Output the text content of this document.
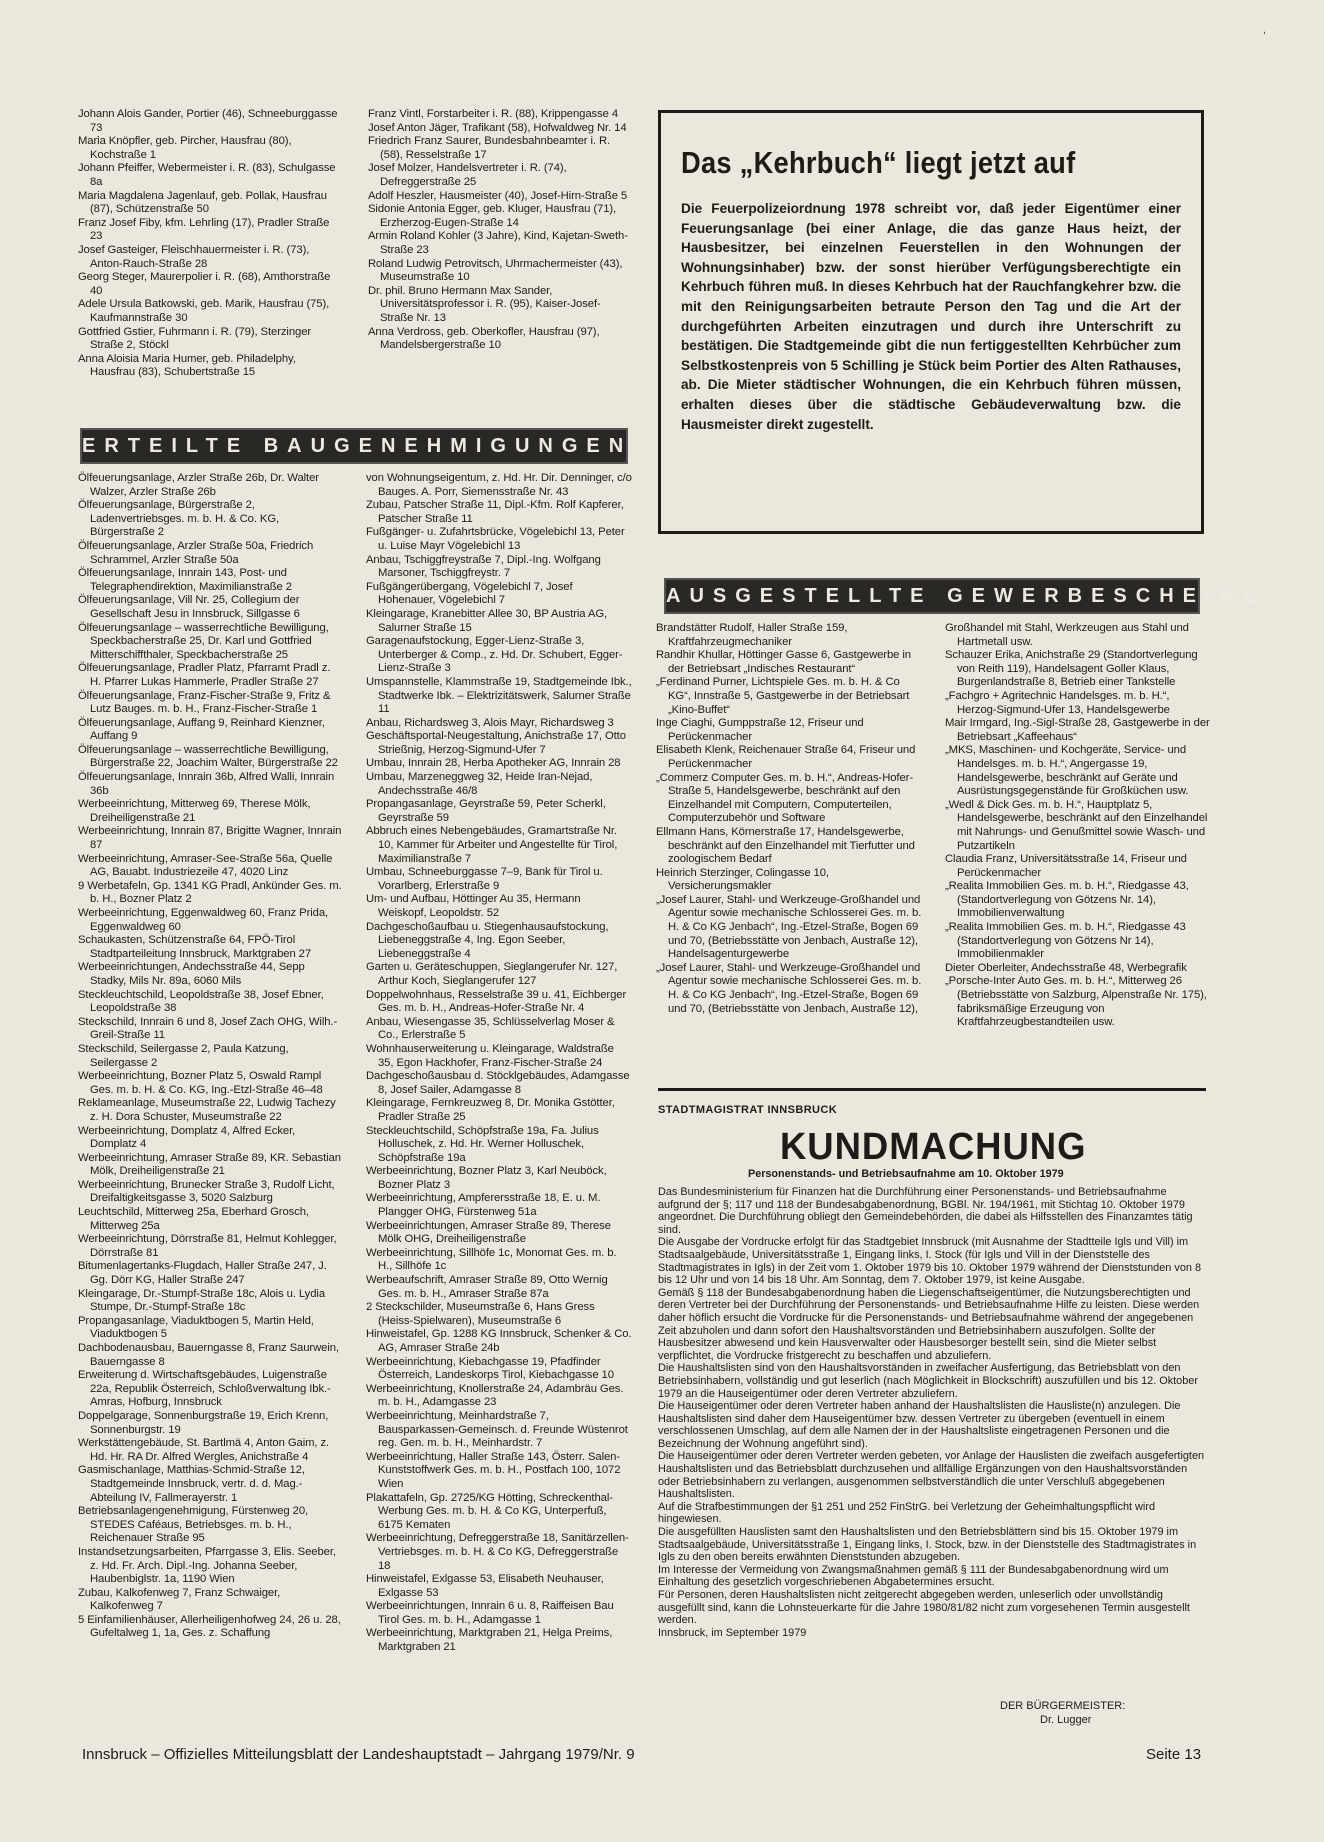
Johann Alois Gander, Portier (46), Schneeburggasse 73
Maria Knöpfler, geb. Pircher, Hausfrau (80), Kochstraße 1
Johann Pfeiffer, Webermeister i. R. (83), Schulgasse 8a
Maria Magdalena Jagenlauf, geb. Pollak, Hausfrau (87), Schützenstraße 50
Franz Josef Fiby, kfm. Lehrling (17), Pradler Straße 23
Josef Gasteiger, Fleischhauermeister i. R. (73), Anton-Rauch-Straße 28
Georg Steger, Maurerpolier i. R. (68), Amthorstraße 40
Adele Ursula Batkowski, geb. Marik, Hausfrau (75), Kaufmannstraße 30
Gottfried Gstier, Fuhrmann i. R. (79), Sterzinger Straße 2, Stöckl
Anna Aloisia Maria Humer, geb. Philadelphy, Hausfrau (83), Schubertstraße 15
Franz Vintl, Forstarbeiter i. R. (88), Krippengasse 4
Josef Anton Jäger, Trafikant (58), Hofwaldweg Nr. 14
Friedrich Franz Saurer, Bundesbahnbeamter i. R. (58), Resselstraße 17
Josef Molzer, Handelsvertreter i. R. (74), Defreggerstraße 25
Adolf Heszler, Hausmeister (40), Josef-Hirn-Straße 5
Sidonie Antonia Egger, geb. Kluger, Hausfrau (71), Erzherzog-Eugen-Straße 14
Armin Roland Kohler (3 Jahre), Kind, Kajetan-Sweth-Straße 23
Roland Ludwig Petrovitsch, Uhrmachermeister (43), Museumstraße 10
Dr. phil. Bruno Hermann Max Sander, Universitätsprofessor i. R. (95), Kaiser-Josef-Straße Nr. 13
Anna Verdross, geb. Oberkofler, Hausfrau (97), Mandelsbergerstraße 10
ERTEILTE BAUGENEHMIGUNGEN
Ölfeuerungsanlage, Arzler Straße 26b, Dr. Walter Walzer, Arzler Straße 26b
Ölfeuerungsanlage, Bürgerstraße 2, Ladenvertriebsges. m. b. H. & Co. KG, Bürgerstraße 2
Ölfeuerungsanlage, Arzler Straße 50a, Friedrich Schrammel, Arzler Straße 50a
Ölfeuerungsanlage, Innrain 143, Post- und Telegraphendirektion, Maximilianstraße 2
Ölfeuerungsanlage, Vill Nr. 25, Collegium der Gesellschaft Jesu in Innsbruck, Sillgasse 6
Ölfeuerungsanlage – wasserrechtliche Bewilligung, Speckbacherstraße 25, Dr. Karl und Gottfried Mitterschiffthaler, Speckbacherstraße 25
Ölfeuerungsanlage, Pradler Platz, Pfarramt Pradl z. H. Pfarrer Lukas Hammerle, Pradler Straße 27
Ölfeuerungsanlage, Franz-Fischer-Straße 9, Fritz & Lutz Bauges. m. b. H., Franz-Fischer-Straße 1
Ölfeuerungsanlage, Auffang 9, Reinhard Kienzner, Auffang 9
Ölfeuerungsanlage – wasserrechtliche Bewilligung, Bürgerstraße 22, Joachim Walter, Bürgerstraße 22
Ölfeuerungsanlage, Innrain 36b, Alfred Walli, Innrain 36b
Werbeeinrichtung, Mitterweg 69, Therese Mölk, Dreiheiligenstraße 21
Werbeeinrichtung, Innrain 87, Brigitte Wagner, Innrain 87
Werbeeinrichtung, Amraser-See-Straße 56a, Quelle AG, Bauabt. Industriezeile 47, 4020 Linz
9 Werbetafeln, Gp. 1341 KG Pradl, Ankünder Ges. m. b. H., Bozner Platz 2
Werbeeinrichtung, Eggenwaldweg 60, Franz Prida, Eggenwaldweg 60
Schaukasten, Schützenstraße 64, FPÖ-Tirol Stadtparteileitung Innsbruck, Marktgraben 27
Werbeeinrichtungen, Andechsstraße 44, Sepp Stadky, Mils Nr. 89a, 6060 Mils
Steckleuchtschild, Leopoldstraße 38, Josef Ebner, Leopoldstraße 38
Steckschild, Innrain 6 und 8, Josef Zach OHG, Wilh.-Greil-Straße 11
Steckschild, Seilergasse 2, Paula Katzung, Seilergasse 2
Werbeeinrichtung, Bozner Platz 5, Oswald Rampl Ges. m. b. H. & Co. KG, Ing.-Etzl-Straße 46–48
Reklameanlage, Museumstraße 22, Ludwig Tachezy z. H. Dora Schuster, Museumstraße 22
Werbeeinrichtung, Domplatz 4, Alfred Ecker, Domplatz 4
Werbeeinrichtung, Amraser Straße 89, KR. Sebastian Mölk, Dreiheiligenstraße 21
Werbeeinrichtung, Brunecker Straße 3, Rudolf Licht, Dreifaltigkeitsgasse 3, 5020 Salzburg
Leuchtschild, Mitterweg 25a, Eberhard Grosch, Mitterweg 25a
Werbeeinrichtung, Dörrstraße 81, Helmut Kohlegger, Dörrstraße 81
Bitumenlagertanks-Flugdach, Haller Straße 247, J. Gg. Dörr KG, Haller Straße 247
Kleingarage, Dr.-Stumpf-Straße 18c, Alois u. Lydia Stumpe, Dr.-Stumpf-Straße 18c
Propangasanlage, Viaduktbogen 5, Martin Held, Viaduktbogen 5
Dachbodenausbau, Bauerngasse 8, Franz Saurwein, Bauerngasse 8
Erweiterung d. Wirtschaftsgebäudes, Luigenstraße 22a, Republik Österreich, Schloßverwaltung Ibk.-Amras, Hofburg, Innsbruck
Doppelgarage, Sonnenburgstraße 19, Erich Krenn, Sonnenburgstr. 19
Werkstättengebäude, St. Bartlmä 4, Anton Gaim, z. Hd. Hr. RA Dr. Alfred Wergles, Anichstraße 4
Gasmischanlage, Matthias-Schmid-Straße 12, Stadtgemeinde Innsbruck, vertr. d. d. Mag.-Abteilung IV, Fallmerayerstr. 1
Betriebsanlagengenehmigung, Fürstenweg 20, STEDES Caféaus, Betriebsges. m. b. H., Reichenauer Straße 95
Instandsetzungsarbeiten, Pfarrgasse 3, Elis. Seeber, z. Hd. Fr. Arch. Dipl.-Ing. Johanna Seeber, Haubenbiglstr. 1a, 1190 Wien
Zubau, Kalkofenweg 7, Franz Schwaiger, Kalkofenweg 7
5 Einfamilienhäuser, Allerheiligenhofweg 24, 26 u. 28, Gufeltalweg 1, 1a, Ges. z. Schaffung
von Wohnungseigentum, z. Hd. Hr. Dir. Denninger, c/o Bauges. A. Porr, Siemensstraße Nr. 43
Zubau, Patscher Straße 11, Dipl.-Kfm. Rolf Kapferer, Patscher Straße 11
Fußgänger- u. Zufahrtsbrücke, Vögelebichl 13, Peter u. Luise Mayr Vögelebichl 13
Anbau, Tschiggfreystraße 7, Dipl.-Ing. Wolfgang Marsoner, Tschiggfreystr. 7
Fußgängerübergang, Vögelebichl 7, Josef Hohenauer, Vögelebichl 7
Kleingarage, Kranebitter Allee 30, BP Austria AG, Salurner Straße 15
Garagenaufstockung, Egger-Lienz-Straße 3, Unterberger & Comp., z. Hd. Dr. Schubert, Egger-Lienz-Straße 3
Umspannstelle, Klammstraße 19, Stadtgemeinde Ibk., Stadtwerke Ibk. – Elektrizitätswerk, Salurner Straße 11
Anbau, Richardsweg 3, Alois Mayr, Richardsweg 3
Geschäftsportal-Neugestaltung, Anichstraße 17, Otto Strießnig, Herzog-Sigmund-Ufer 7
Umbau, Innrain 28, Herba Apotheker AG, Innrain 28
Umbau, Marzeneggweg 32, Heide Iran-Nejad, Andechsstraße 46/8
Propangasanlage, Geyrstraße 59, Peter Scherkl, Geyrstraße 59
Abbruch eines Nebengebäudes, Gramartstraße Nr. 10, Kammer für Arbeiter und Angestellte für Tirol, Maximilianstraße 7
Umbau, Schneeburggasse 7–9, Bank für Tirol u. Vorarlberg, Erlerstraße 9
Um- und Aufbau, Höttinger Au 35, Hermann Weiskopf, Leopoldstr. 52
Dachgeschoßaufbau u. Stiegenhausaufstockung, Liebeneggstraße 4, Ing. Egon Seeber, Liebeneggstraße 4
Garten u. Geräteschuppen, Sieglangerufer Nr. 127, Arthur Koch, Sieglangerufer 127
Doppelwohnhaus, Resselstraße 39 u. 41, Eichberger Ges. m. b. H., Andreas-Hofer-Straße Nr. 4
Anbau, Wiesengasse 35, Schlüsselverlag Moser & Co., Erlerstraße 5
Wohnhauserweiterung u. Kleingarage, Waldstraße 35, Egon Hackhofer, Franz-Fischer-Straße 24
Dachgeschoßausbau d. Stöcklgebäudes, Adamgasse 8, Josef Sailer, Adamgasse 8
Kleingarage, Fernkreuzweg 8, Dr. Monika Gstötter, Pradler Straße 25
Steckleuchtschild, Schöpfstraße 19a, Fa. Julius Holluschek, z. Hd. Hr. Werner Holluschek, Schöpfstraße 19a
Werbeeinrichtung, Bozner Platz 3, Karl Neuböck, Bozner Platz 3
Werbeeinrichtung, Ampferersstraße 18, E. u. M. Plangger OHG, Fürstenweg 51a
Werbeeinrichtungen, Amraser Straße 89, Therese Mölk OHG, Dreiheiligenstraße
Werbeeinrichtung, Sillhöfe 1c, Monomat Ges. m. b. H., Sillhöfe 1c
Werbeaufschrift, Amraser Straße 89, Otto Wernig Ges. m. b. H., Amraser Straße 87a
2 Steckschilder, Museumstraße 6, Hans Gress (Heiss-Spielwaren), Museumstraße 6
Hinweistafel, Gp. 1288 KG Innsbruck, Schenker & Co. AG, Amraser Straße 24b
Werbeeinrichtung, Kiebachgasse 19, Pfadfinder Österreich, Landeskorps Tirol, Kiebachgasse 10
Werbeeinrichtung, Knollerstraße 24, Adambräu Ges. m. b. H., Adamgasse 23
Werbeeinrichtung, Meinhardstraße 7, Bausparkassen-Gemeinsch. d. Freunde Wüstenrot reg. Gen. m. b. H., Meinhardstr. 7
Werbeeinrichtung, Haller Straße 143, Österr. Salen-Kunststoffwerk Ges. m. b. H., Postfach 100, 1072 Wien
Plakattafeln, Gp. 2725/KG Hötting, Schreckenthal-Werbung Ges. m. b. H. & Co KG, Unterperfuß, 6175 Kematen
Werbeeinrichtung, Defreggerstraße 18, Sanitärzellen-Vertriebsges. m. b. H. & Co KG, Defreggerstraße 18
Hinweistafel, Exlgasse 53, Elisabeth Neuhauser, Exlgasse 53
Werbeeinrichtungen, Innrain 6 u. 8, Raiffeisen Bau Tirol Ges. m. b. H., Adamgasse 1
Werbeeinrichtung, Marktgraben 21, Helga Preims, Marktgraben 21
Das „Kehrbuch“ liegt jetzt auf
Die Feuerpolizeiordnung 1978 schreibt vor, daß jeder Eigentümer einer Feuerungsanlage (bei einer Anlage, die das ganze Haus heizt, der Hausbesitzer, bei einzelnen Feuerstellen in den Wohnungen der Wohnungsinhaber) bzw. der sonst hierüber Verfügungsberechtigte ein Kehrbuch führen muß. In dieses Kehrbuch hat der Rauchfangkehrer bzw. die mit den Reinigungsarbeiten betraute Person den Tag und die Art der durchgeführten Arbeiten einzutragen und durch ihre Unterschrift zu bestätigen. Die Stadtgemeinde gibt die nun fertiggestellten Kehrbücher zum Selbstkostenpreis von 5 Schilling je Stück beim Portier des Alten Rathauses, ab. Die Mieter städtischer Wohnungen, die ein Kehrbuch führen müssen, erhalten dieses über die städtische Gebäudeverwaltung bzw. die Hausmeister direkt zugestellt.
AUSGESTELLTE GEWERBESCHEINE
Brandstätter Rudolf, Haller Straße 159, Kraftfahrzeugmechaniker
Randhir Khullar, Höttinger Gasse 6, Gastgewerbe in der Betriebsart „Indisches Restaurant“
„Ferdinand Purner, Lichtspiele Ges. m. b. H. & Co KG“, Innstraße 5, Gastgewerbe in der Betriebsart „Kino-Buffet“
Inge Ciaghi, Gumppstraße 12, Friseur und Perückenmacher
Elisabeth Klenk, Reichenauer Straße 64, Friseur und Perückenmacher
„Commerz Computer Ges. m. b. H.“, Andreas-Hofer-Straße 5, Handelsgewerbe, beschränkt auf den Einzelhandel mit Computern, Computerteilen, Computerzubehör und Software
Ellmann Hans, Körnerstraße 17, Handelsgewerbe, beschränkt auf den Einzelhandel mit Tierfutter und zoologischem Bedarf
Heinrich Sterzinger, Colingasse 10, Versicherungsmakler
„Josef Laurer, Stahl- und Werkzeuge-Großhandel und Agentur sowie mechanische Schlosserei Ges. m. b. H. & Co KG Jenbach“, Ing.-Etzel-Straße, Bogen 69 und 70, (Betriebsstätte von Jenbach, Austraße 12), Handelsagenturgewerbe
„Josef Laurer, Stahl- und Werkzeuge-Großhandel und Agentur sowie mechanische Schlosserei Ges. m. b. H. & Co KG Jenbach“, Ing.-Etzel-Straße, Bogen 69 und 70, (Betriebsstätte von Jenbach, Austraße 12),
Großhandel mit Stahl, Werkzeugen aus Stahl und Hartmetall usw.
Schauzer Erika, Anichstraße 29 (Standortverlegung von Reith 119), Handelsagent Goller Klaus, Burgenlandstraße 8, Betrieb einer Tankstelle
„Fachgro + Agritechnic Handelsges. m. b. H.“, Herzog-Sigmund-Ufer 13, Handelsgewerbe
Mair Irmgard, Ing.-Sigl-Straße 28, Gastgewerbe in der Betriebsart „Kaffeehaus“
„MKS, Maschinen- und Kochgeräte, Service- und Handelsges. m. b. H.“, Angergasse 19, Handelsgewerbe, beschränkt auf Geräte und Ausrüstungsgegenstände für Großküchen usw.
„Wedl & Dick Ges. m. b. H.“, Hauptplatz 5, Handelsgewerbe, beschränkt auf den Einzelhandel mit Nahrungs- und Genußmittel sowie Wasch- und Putzartikeln
Claudia Franz, Universitätsstraße 14, Friseur und Perückenmacher
„Realita Immobilien Ges. m. b. H.“, Riedgasse 43, (Standortverlegung von Götzens Nr. 14), Immobilienverwaltung
„Realita Immobilien Ges. m. b. H.“, Riedgasse 43 (Standortverlegung von Götzens Nr 14), Immobilienmakler
Dieter Oberleiter, Andechsstraße 48, Werbegrafik
„Porsche-Inter Auto Ges. m. b. H.“, Mitterweg 26 (Betriebsstätte von Salzburg, Alpenstraße Nr. 175), fabriksmäßige Erzeugung von Kraftfahrzeugbestandteilen usw.
STADTMAGISTRAT INNSBRUCK
KUNDMACHUNG
Personenstands- und Betriebsaufnahme am 10. Oktober 1979

Das Bundesministerium für Finanzen hat die Durchführung einer Personenstands- und Betriebsaufnahme aufgrund der §; 117 und 118 der Bundesabgabenordnung, BGBl. Nr. 194/1961, mit Stichtag 10. Oktober 1979 angeordnet. Die Durchführung obliegt den Gemeindebehörden, die dabei als Hilfsstellen des Finanzamtes tätig sind.

Die Ausgabe der Vordrucke erfolgt für das Stadtgebiet Innsbruck (mit Ausnahme der Stadtteile Igls und Vill) im Stadtsaalgebäude, Universitätsstraße 1, Eingang links, I. Stock (für Igls und Vill in der Dienststelle des Stadtmagistrates in Igls) in der Zeit vom 1. Oktober 1979 bis 10. Oktober 1979 während der Dienststunden von 8 bis 12 Uhr und von 14 bis 18 Uhr. Am Sonntag, dem 7. Oktober 1979, ist keine Ausgabe.

Gemäß § 118 der Bundesabgabenordnung haben die Liegenschaftseigentümer, die Nutzungsberechtigten und deren Vertreter bei der Durchführung der Personenstands- und Betriebsaufnahme Hilfe zu leisten. Diese werden daher höflich ersucht die Vordrucke für die Personenstands- und Betriebsaufnahme während der angegebenen Zeit abzuholen und dann sofort den Haushaltsvorständen und Betriebsinhabern auszufolgen. Sollte der Hausbesitzer abwesend und kein Hausverwalter oder Hausbesorger bestellt sein, sind die Mieter selbst verpflichtet, die Vordrucke fristgerecht zu beschaffen und abzuliefern.

Die Haushaltslisten sind von den Haushaltsvorständen in zweifacher Ausfertigung, das Betriebsblatt von den Betriebsinhabern, vollständig und gut leserlich (nach Möglichkeit in Blockschrift) auszufüllen und bis 12. Oktober 1979 an die Hauseigentümer oder deren Vertreter abzuliefern.

Die Hauseigentümer oder deren Vertreter haben anhand der Haushaltslisten die Hausliste(n) anzulegen. Die Haushaltslisten sind daher dem Hauseigentümer bzw. dessen Vertreter zu übergeben (eventuell in einem verschlossenen Umschlag, auf dem alle Namen der in der Haushaltsliste eingetragenen Personen und die Bezeichnung der Wohnung angeführt sind).

Die Hauseigentümer oder deren Vertreter werden gebeten, vor Anlage der Hauslisten die zweifach ausgefertigten Haushaltslisten und das Betriebsblatt durchzusehen und allfällige Ergänzungen von den Haushaltsvorständen oder Betriebsinhabern zu verlangen, ausgenommen selbstverständlich die unter Verschluß abgegebenen Haushaltslisten.

Auf die Strafbestimmungen der §1 251 und 252 FinStrG. bei Verletzung der Geheimhaltungspflicht wird hingewiesen.

Die ausgefüllten Hauslisten samt den Haushaltslisten und den Betriebsblättern sind bis 15. Oktober 1979 im Stadtsaalgebäude, Universitätsstraße 1, Eingang links, I. Stock, bzw. in der Dienststelle des Stadtmagistrates in Igls zu den oben bereits erwähnten Dienststunden abzugeben.

Im Interesse der Vermeidung von Zwangsmaßnahmen gemäß § 111 der Bundesabgabenordnung wird um Einhaltung des gesetzlich vorgeschriebenen Abgabetermines ersucht.

Für Personen, deren Haushaltslisten nicht zeitgerecht abgegeben werden, unleserlich oder unvollständig ausgefüllt sind, kann die Lohnsteuerkarte für die Jahre 1980/81/82 nicht zum vorgesehenen Termin ausgestellt werden.

Innsbruck, im September 1979

DER BÜRGERMEISTER:
Dr. Lugger
Innsbruck – Offizielles Mitteilungsblatt der Landeshauptstadt – Jahrgang 1979/Nr. 9	Seite 13
ˌ
